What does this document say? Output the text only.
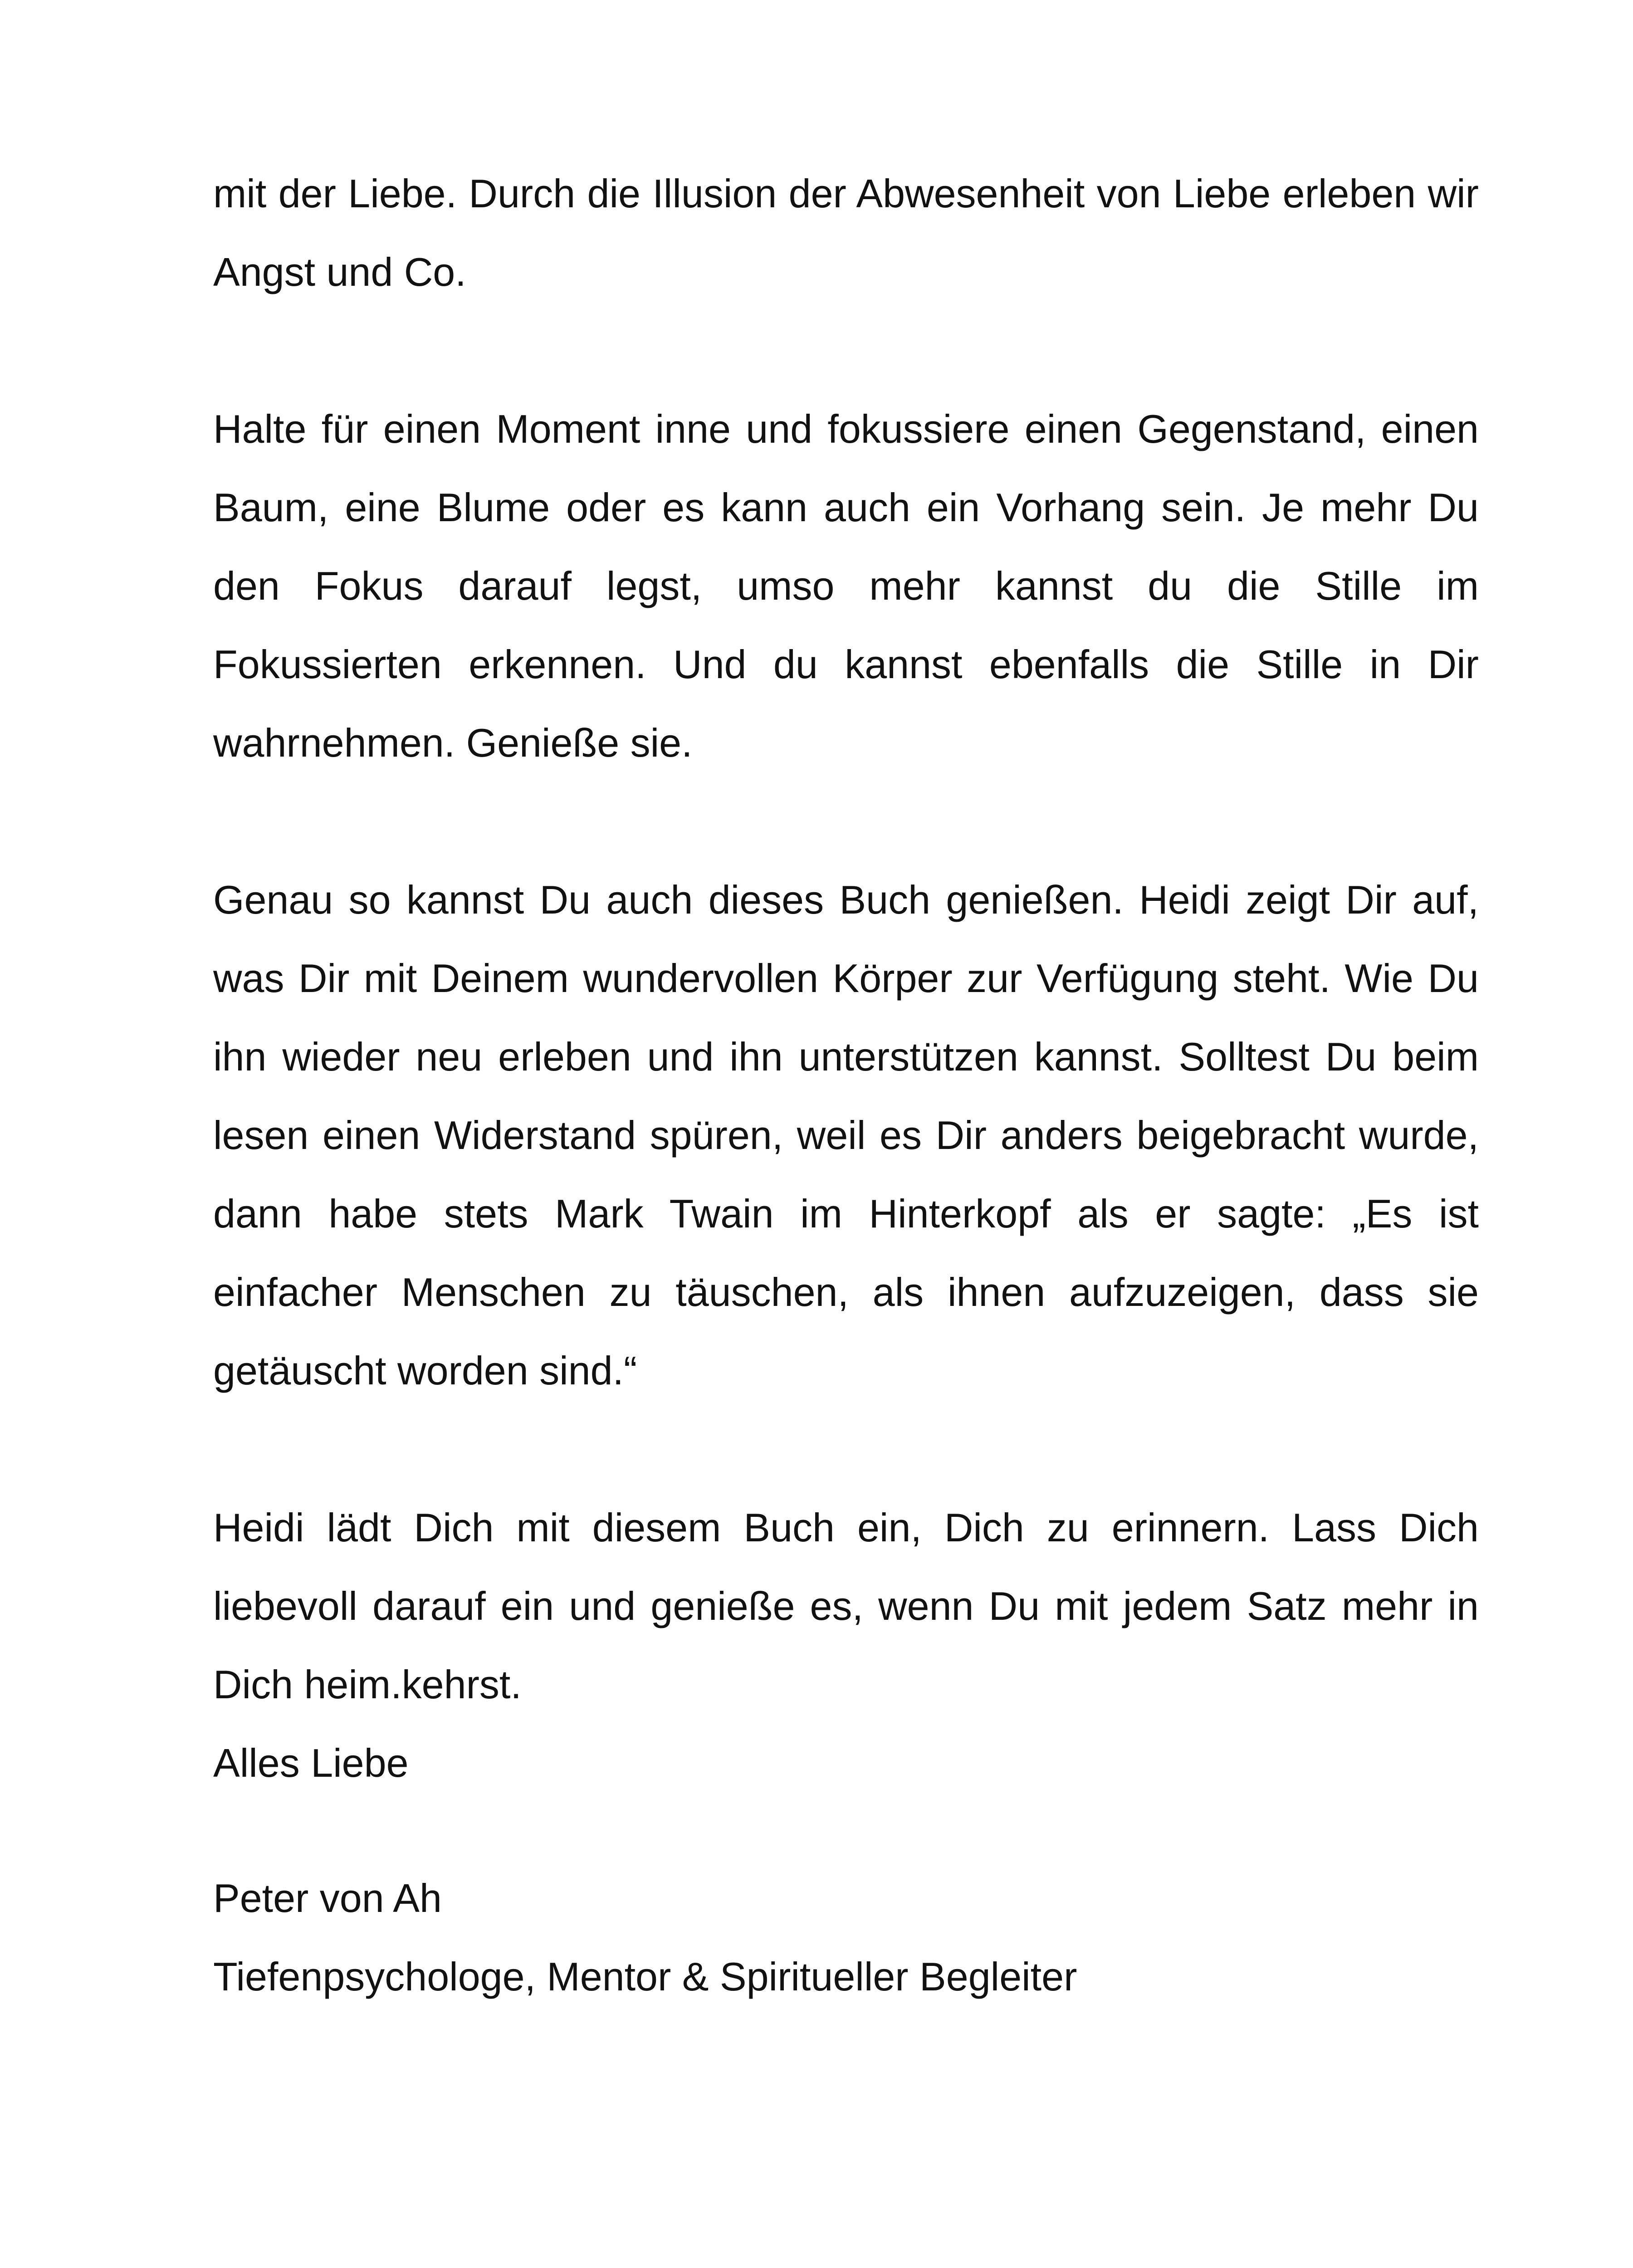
mit der Liebe. Durch die Illusion der Abwesenheit von Liebe erleben wir Angst und Co.

Halte für einen Moment inne und fokussiere einen Gegenstand, einen Baum, eine Blume oder es kann auch ein Vorhang sein. Je mehr Du den Fokus darauf legst, umso mehr kannst du die Stille im Fokussierten erkennen. Und du kannst ebenfalls die Stille in Dir wahrnehmen. Genieße sie.

Genau so kannst Du auch dieses Buch genießen. Heidi zeigt Dir auf, was Dir mit Deinem wundervollen Körper zur Verfügung steht. Wie Du ihn wieder neu erleben und ihn unterstützen kannst. Solltest Du beim lesen einen Widerstand spüren, weil es Dir anders beigebracht wurde, dann habe stets Mark Twain im Hinterkopf als er sagte: „Es ist einfacher Menschen zu täuschen, als ihnen aufzuzeigen, dass sie getäuscht worden sind.“

Heidi lädt Dich mit diesem Buch ein, Dich zu erinnern. Lass Dich liebevoll darauf ein und genieße es, wenn Du mit jedem Satz mehr in Dich heim.kehrst.

Alles Liebe

Peter von Ah

Tiefenpsychologe, Mentor & Spiritueller Begleiter
